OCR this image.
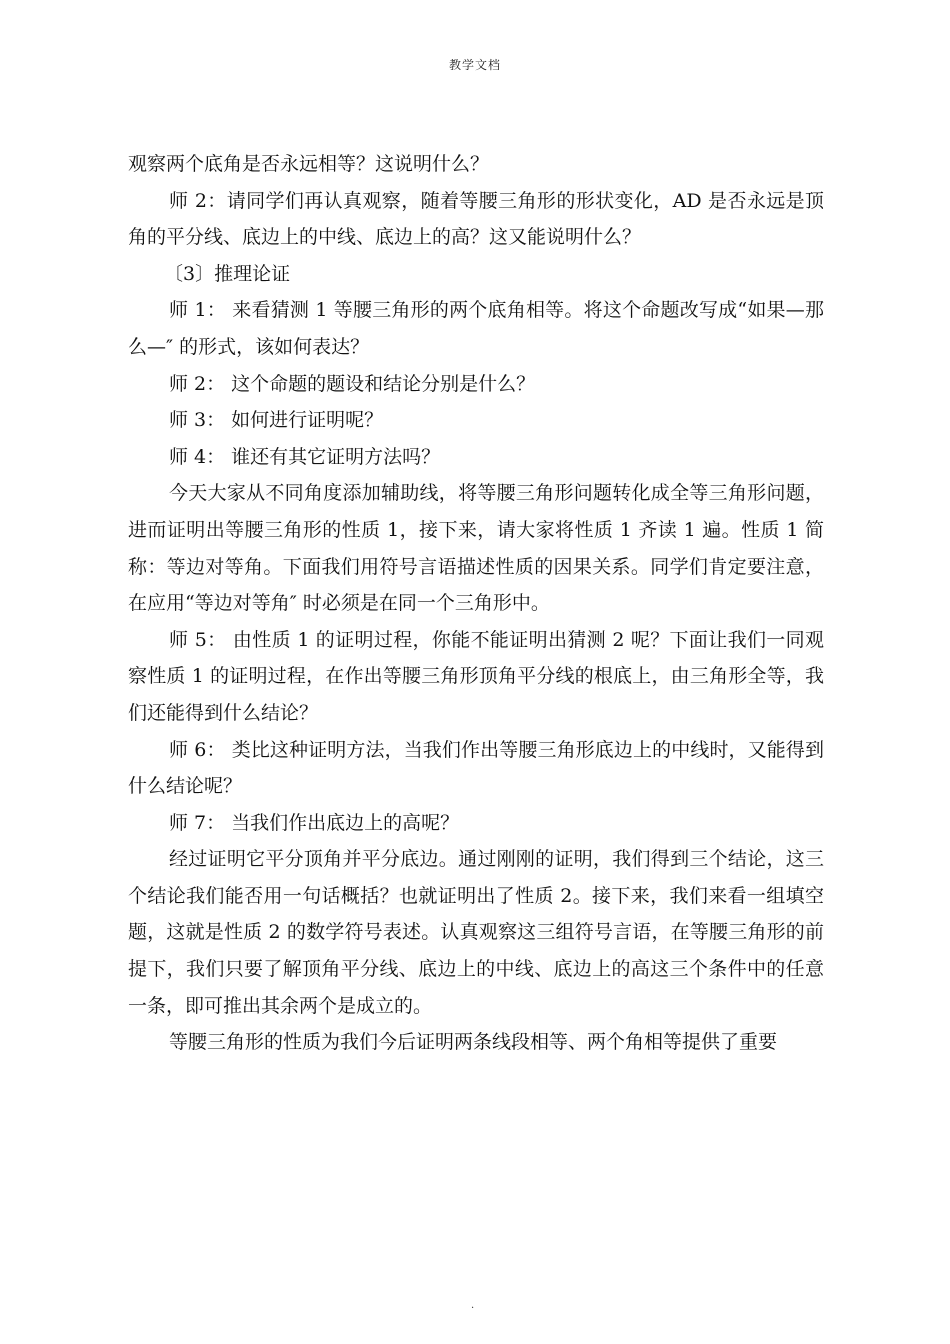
教学文档

观察两个底角是否永远相等？这说明什么？

师 2：请同学们再认真观察，随着等腰三角形的形状变化，AD 是否永远是顶角的平分线、底边上的中线、底边上的高？这又能说明什么？

〔3〕推理论证

师 1： 来看猜测 1 等腰三角形的两个底角相等。将这个命题改写成“如果—那么—″ 的形式，该如何表达？

师 2： 这个命题的题设和结论分别是什么？

师 3： 如何进行证明呢？

师 4： 谁还有其它证明方法吗？

今天大家从不同角度添加辅助线，将等腰三角形问题转化成全等三角形问题，进而证明出等腰三角形的性质 1，接下来，请大家将性质 1 齐读 1 遍。性质 1 简称：等边对等角。下面我们用符号言语描述性质的因果关系。同学们肯定要注意，在应用“等边对等角″ 时必须是在同一个三角形中。

师 5： 由性质 1 的证明过程，你能不能证明出猜测 2 呢？下面让我们一同观察性质 1 的证明过程，在作出等腰三角形顶角平分线的根底上，由三角形全等，我们还能得到什么结论？

师 6： 类比这种证明方法，当我们作出等腰三角形底边上的中线时，又能得到什么结论呢？

师 7： 当我们作出底边上的高呢？

经过证明它平分顶角并平分底边。通过刚刚的证明，我们得到三个结论，这三个结论我们能否用一句话概括？也就证明出了性质 2。接下来，我们来看一组填空题，这就是性质 2 的数学符号表述。认真观察这三组符号言语，在等腰三角形的前提下，我们只要了解顶角平分线、底边上的中线、底边上的高这三个条件中的任意一条，即可推出其余两个是成立的。

等腰三角形的性质为我们今后证明两条线段相等、两个角相等提供了重要

.
